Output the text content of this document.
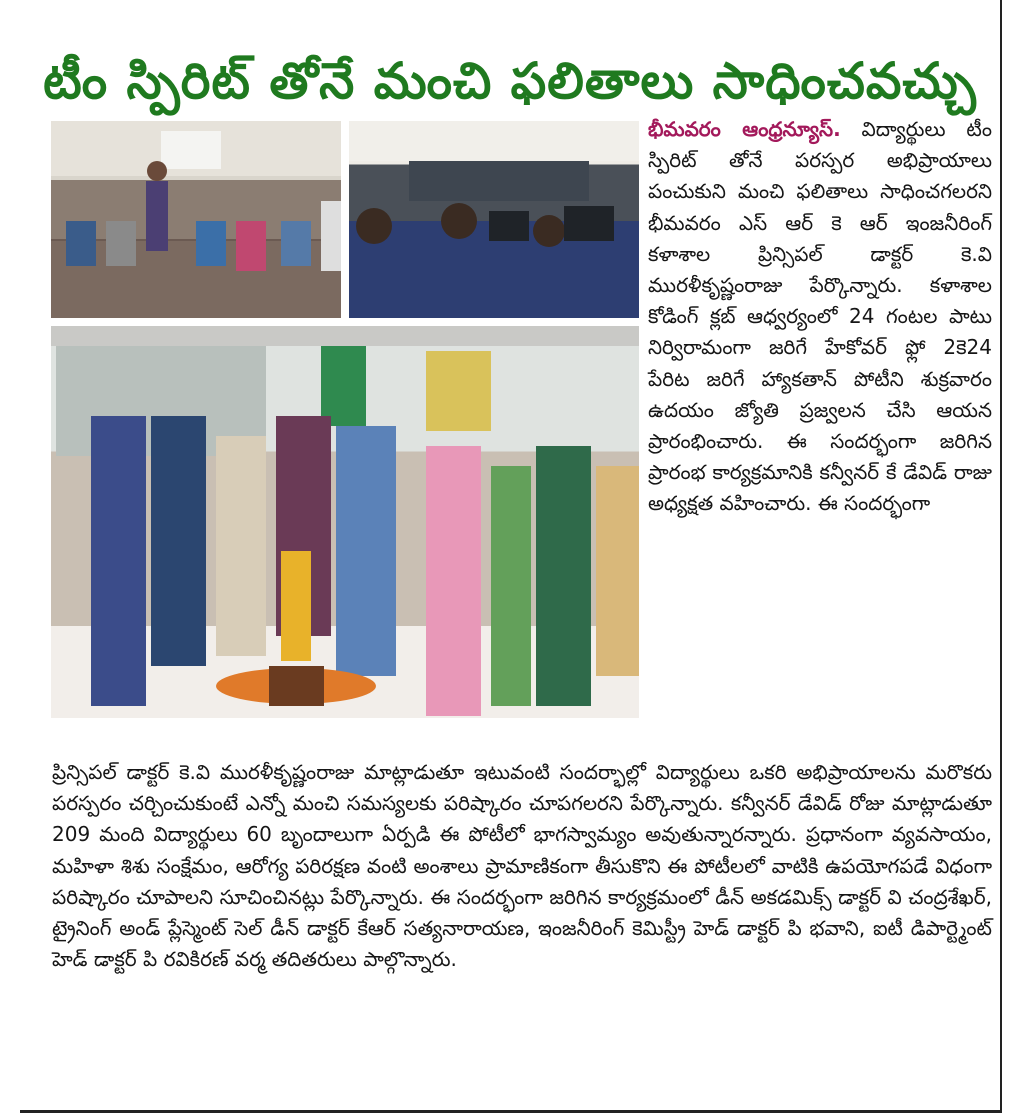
టీం స్పిరిట్ తోనే మంచి ఫలితాలు సాధించవచ్చు
భీమవరం ఆంధ్రన్యూస్. విద్యార్థులు టీం స్పిరిట్ తోనే పరస్పర అభిప్రాయాలు పంచుకుని మంచి ఫలితాలు సాధించగలరని భీమవరం ఎస్ ఆర్ కె ఆర్ ఇంజనీరింగ్ కళాశాల ప్రిన్సిపల్ డాక్టర్ కె.వి మురళీకృష్ణంరాజు పేర్కొన్నారు. కళాశాల కోడింగ్ క్లబ్ ఆధ్వర్యంలో 24 గంటల పాటు నిర్విరామంగా జరిగే హేకోవర్ ఫ్లో 2కె24 పేరిట జరిగే హ్యాకతాన్ పోటీని శుక్రవారం ఉదయం జ్యోతి ప్రజ్వలన చేసి ఆయన ప్రారంభించారు. ఈ సందర్భంగా జరిగిన ప్రారంభ కార్యక్రమానికి కన్వీనర్ కే డేవిడ్ రాజు అధ్యక్షత వహించారు. ఈ సందర్భంగా
ప్రిన్సిపల్ డాక్టర్ కె.వి మురళీకృష్ణంరాజు మాట్లాడుతూ ఇటువంటి సందర్భాల్లో విద్యార్థులు ఒకరి అభిప్రాయాలను మరొకరు పరస్పరం చర్చించుకుంటే ఎన్నో మంచి సమస్యలకు పరిష్కారం చూపగలరని పేర్కొన్నారు. కన్వీనర్ డేవిడ్ రోజు మాట్లాడుతూ 209 మంది విద్యార్థులు 60 బృందాలుగా ఏర్పడి ఈ పోటీలో భాగస్వామ్యం అవుతున్నారన్నారు. ప్రధానంగా వ్యవసాయం, మహిళా శిశు సంక్షేమం, ఆరోగ్య పరిరక్షణ వంటి అంశాలు ప్రామాణికంగా తీసుకొని ఈ పోటీలలో వాటికి ఉపయోగపడే విధంగా పరిష్కారం చూపాలని సూచించినట్లు పేర్కొన్నారు. ఈ సందర్భంగా జరిగిన కార్యక్రమంలో డీన్ అకడమిక్స్ డాక్టర్ వి చంద్రశేఖర్, ట్రైనింగ్ అండ్ ప్లేస్మెంట్ సెల్ డీన్ డాక్టర్ కేఆర్ సత్యనారాయణ, ఇంజనీరింగ్ కెమిస్ట్రీ హెడ్ డాక్టర్ పి భవాని, ఐటీ డిపార్ట్మెంట్ హెడ్ డాక్టర్ పి రవికిరణ్ వర్మ తదితరులు పాల్గొన్నారు.
